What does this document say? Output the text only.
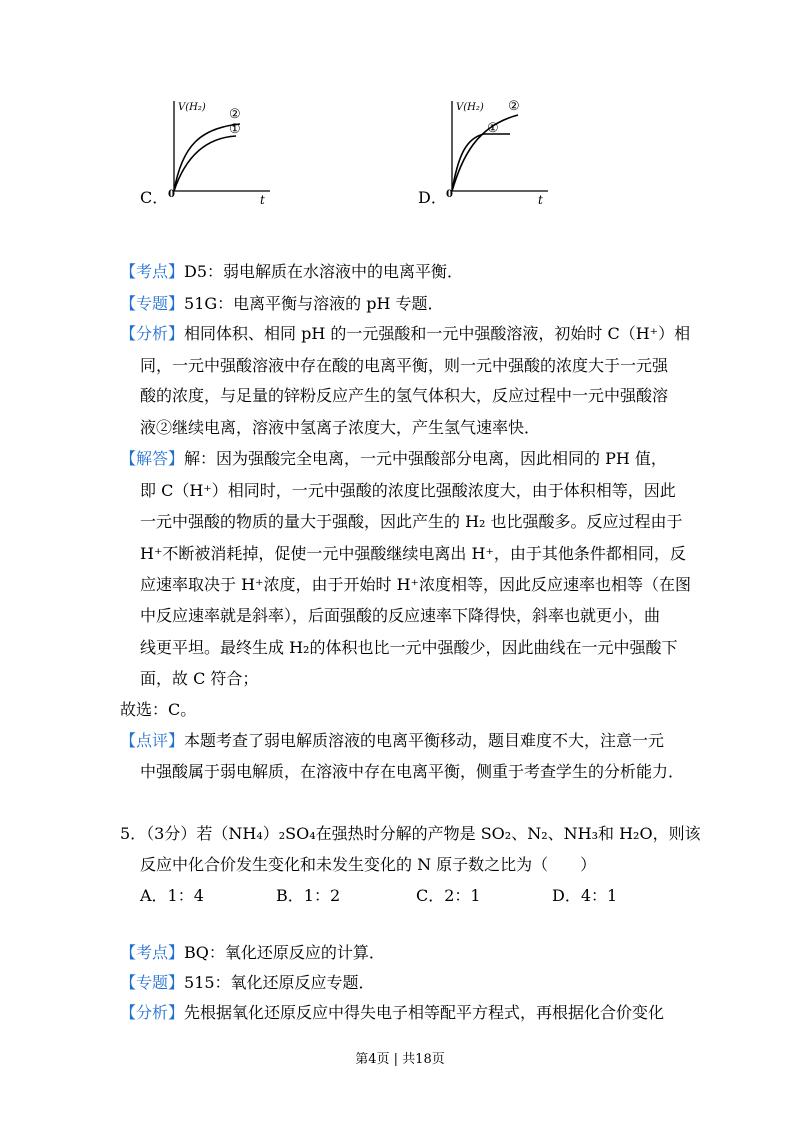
C．
V(H₂) ②
①
0	t	D．
V(H₂) ②
①
0	t
【考点】D5：弱电解质在水溶液中的电离平衡．
【专题】51G：电离平衡与溶液的 pH 专题．
【分析】相同体积、相同 pH 的一元强酸和一元中强酸溶液，初始时 C（H⁺）相
同，一元中强酸溶液中存在酸的电离平衡，则一元中强酸的浓度大于一元强
酸的浓度，与足量的锌粉反应产生的氢气体积大，反应过程中一元中强酸溶
液②继续电离，溶液中氢离子浓度大，产生氢气速率快．
【解答】解：因为强酸完全电离，一元中强酸部分电离，因此相同的 PH 值，
即 C（H⁺）相同时，一元中强酸的浓度比强酸浓度大，由于体积相等，因此
一元中强酸的物质的量大于强酸，因此产生的 H₂ 也比强酸多。反应过程由于
H⁺不断被消耗掉，促使一元中强酸继续电离出 H⁺，由于其他条件都相同，反
应速率取决于 H⁺浓度，由于开始时 H⁺浓度相等，因此反应速率也相等（在图
中反应速率就是斜率），后面强酸的反应速率下降得快，斜率也就更小，曲
线更平坦。最终生成 H₂的体积也比一元中强酸少，因此曲线在一元中强酸下
面，故 C 符合；
故选：C。
【点评】本题考查了弱电解质溶液的电离平衡移动，题目难度不大，注意一元
中强酸属于弱电解质，在溶液中存在电离平衡，侧重于考查学生的分析能力．
5．（3分）若（NH₄）₂SO₄在强热时分解的产物是 SO₂、N₂、NH₃和 H₂O，则该
反应中化合价发生变化和未发生变化的 N 原子数之比为（　　）
A．1：4	B．1：2	C．2：1	D．4：1
【考点】BQ：氧化还原反应的计算．
【专题】515：氧化还原反应专题．
【分析】先根据氧化还原反应中得失电子相等配平方程式，再根据化合价变化
第4页 | 共18页
